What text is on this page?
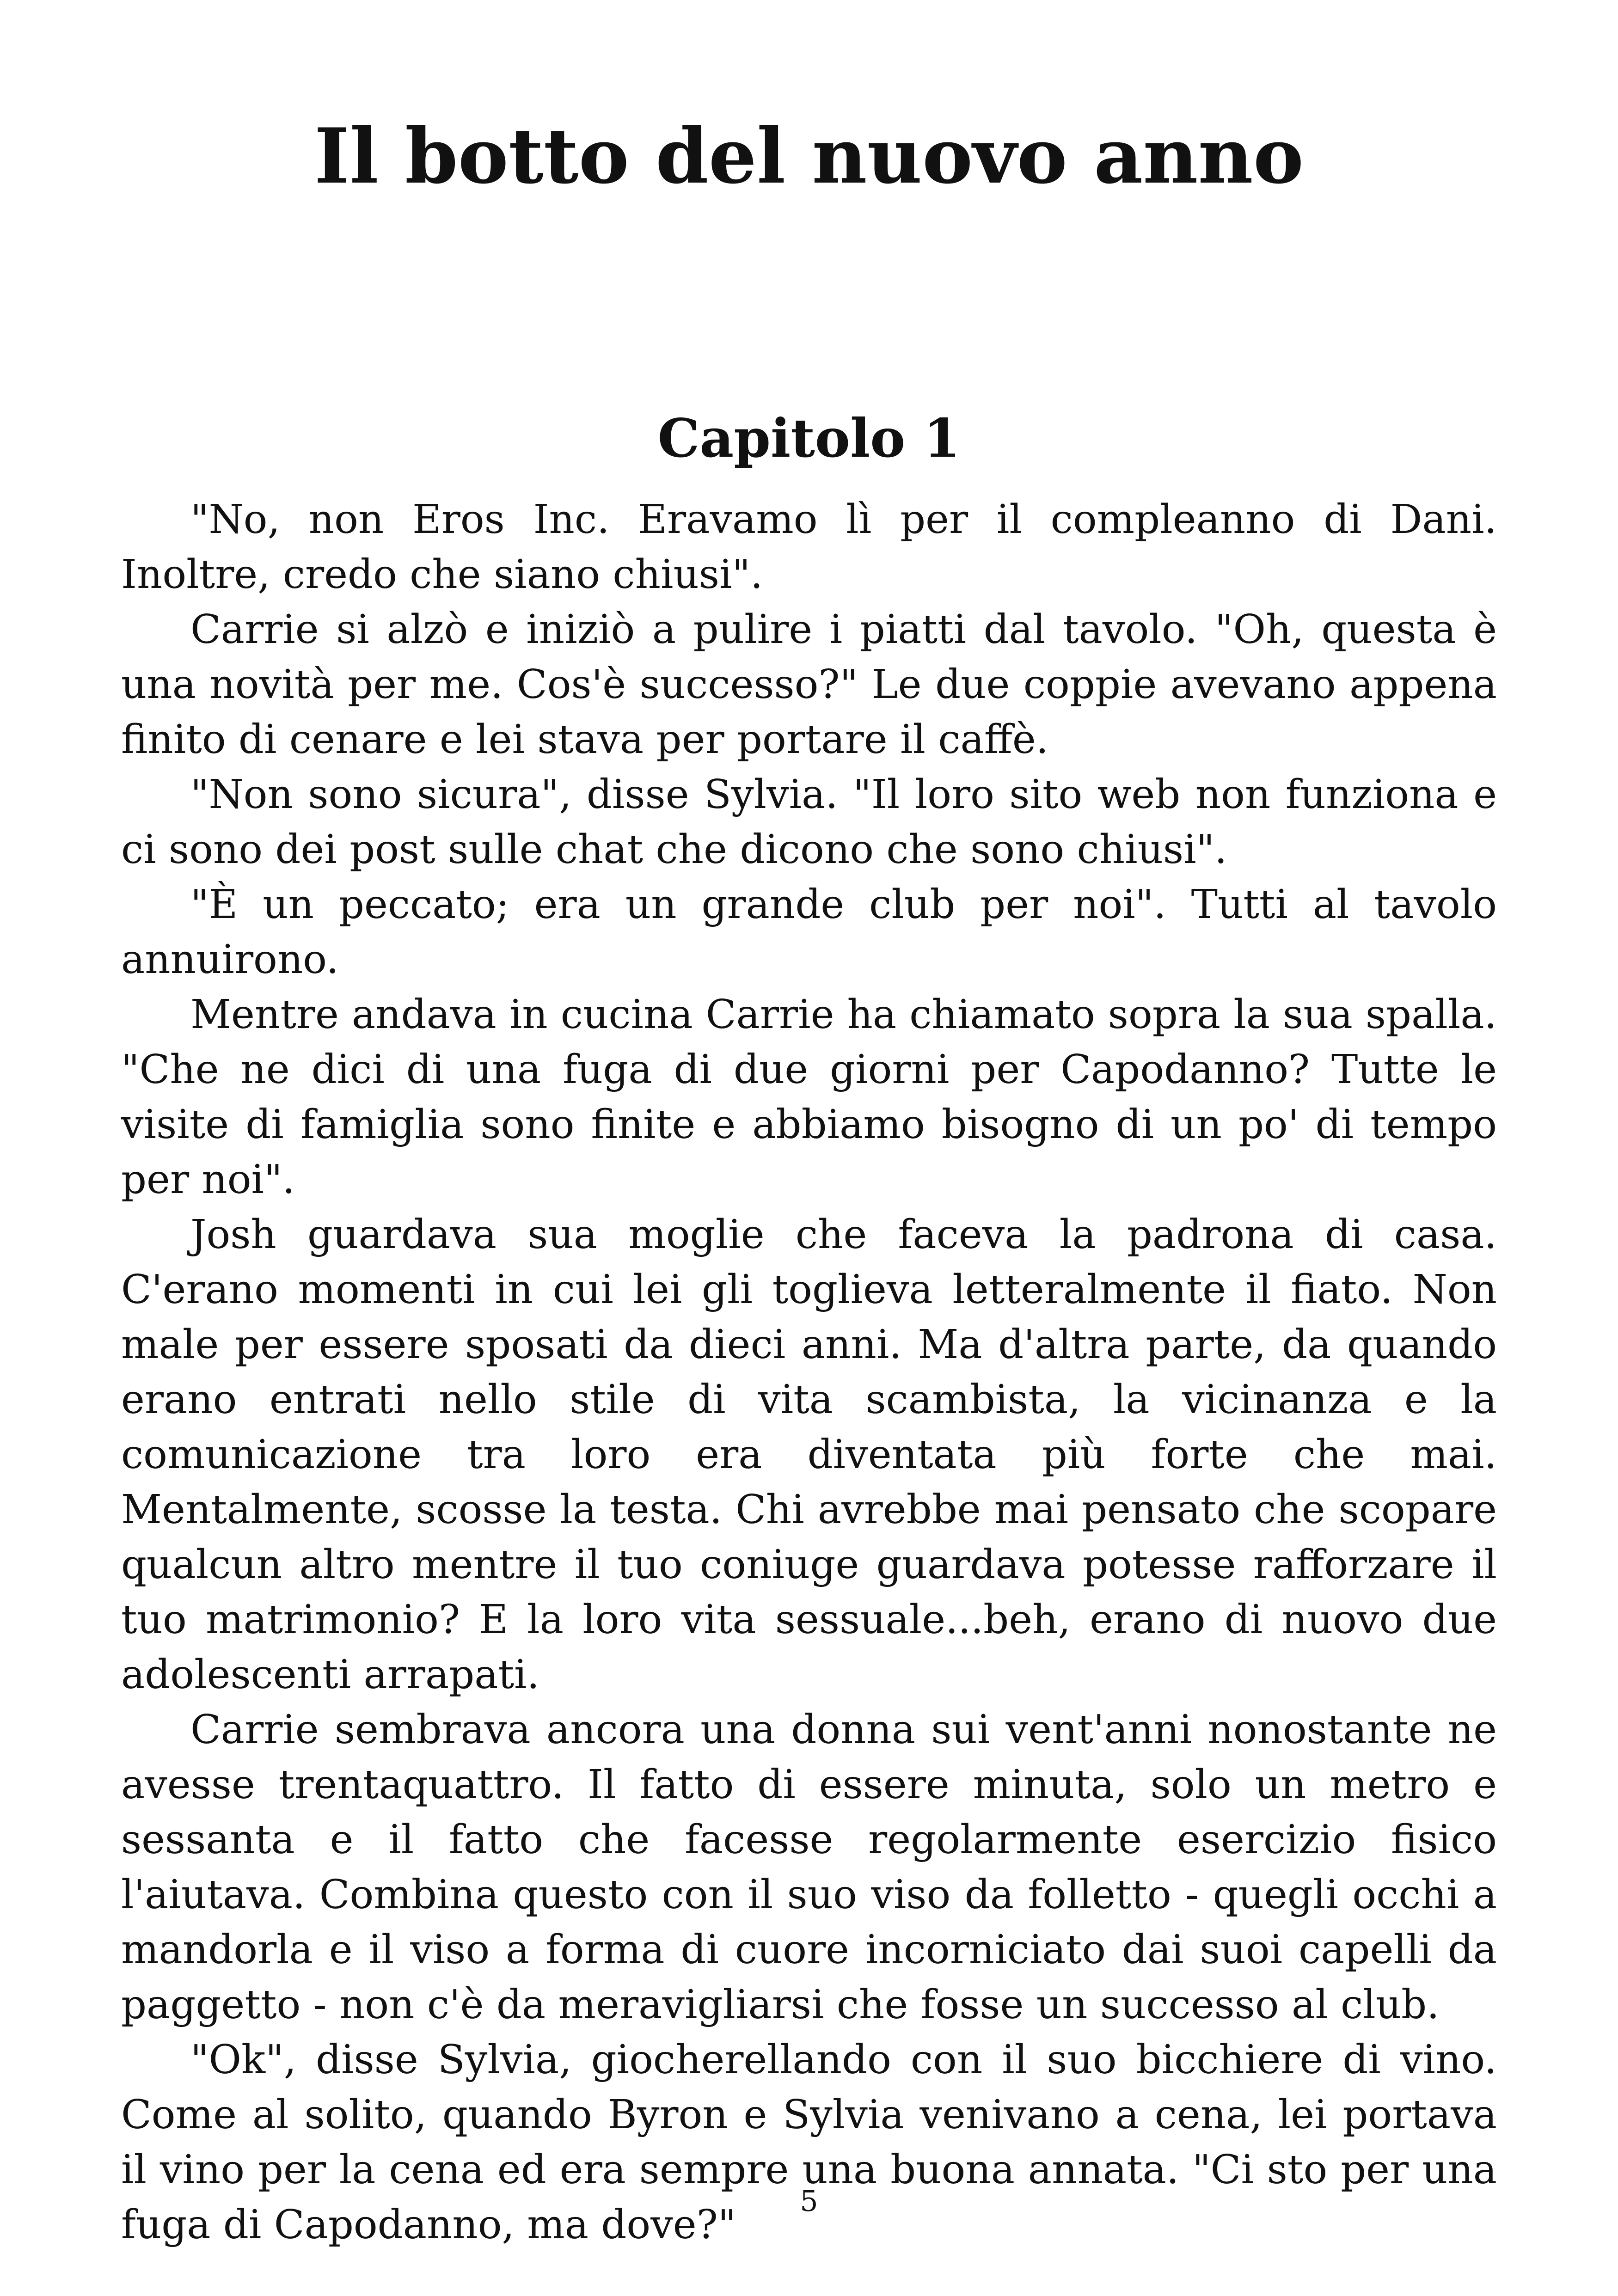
Il botto del nuovo anno
Capitolo 1

"No, non Eros Inc. Eravamo lì per il compleanno di Dani. Inoltre, credo che siano chiusi".

Carrie si alzò e iniziò a pulire i piatti dal tavolo. "Oh, questa è una novità per me. Cos'è successo?" Le due coppie avevano appena finito di cenare e lei stava per portare il caffè.

"Non sono sicura", disse Sylvia. "Il loro sito web non funziona e ci sono dei post sulle chat che dicono che sono chiusi".

"È un peccato; era un grande club per noi". Tutti al tavolo annuirono.

Mentre andava in cucina Carrie ha chiamato sopra la sua spalla. "Che ne dici di una fuga di due giorni per Capodanno? Tutte le visite di famiglia sono finite e abbiamo bisogno di un po' di tempo per noi".

Josh guardava sua moglie che faceva la padrona di casa. C'erano momenti in cui lei gli toglieva letteralmente il fiato. Non male per essere sposati da dieci anni. Ma d'altra parte, da quando erano entrati nello stile di vita scambista, la vicinanza e la comunicazione tra loro era diventata più forte che mai. Mentalmente, scosse la testa. Chi avrebbe mai pensato che scopare qualcun altro mentre il tuo coniuge guardava potesse rafforzare il tuo matrimonio? E la loro vita sessuale...beh, erano di nuovo due adolescenti arrapati.

Carrie sembrava ancora una donna sui vent'anni nonostante ne avesse trentaquattro. Il fatto di essere minuta, solo un metro e sessanta e il fatto che facesse regolarmente esercizio fisico l'aiutava. Combina questo con il suo viso da folletto - quegli occhi a mandorla e il viso a forma di cuore incorniciato dai suoi capelli da paggetto - non c'è da meravigliarsi che fosse un successo al club.

"Ok", disse Sylvia, giocherellando con il suo bicchiere di vino. Come al solito, quando Byron e Sylvia venivano a cena, lei portava il vino per la cena ed era sempre una buona annata. "Ci sto per una fuga di Capodanno, ma dove?"

5
